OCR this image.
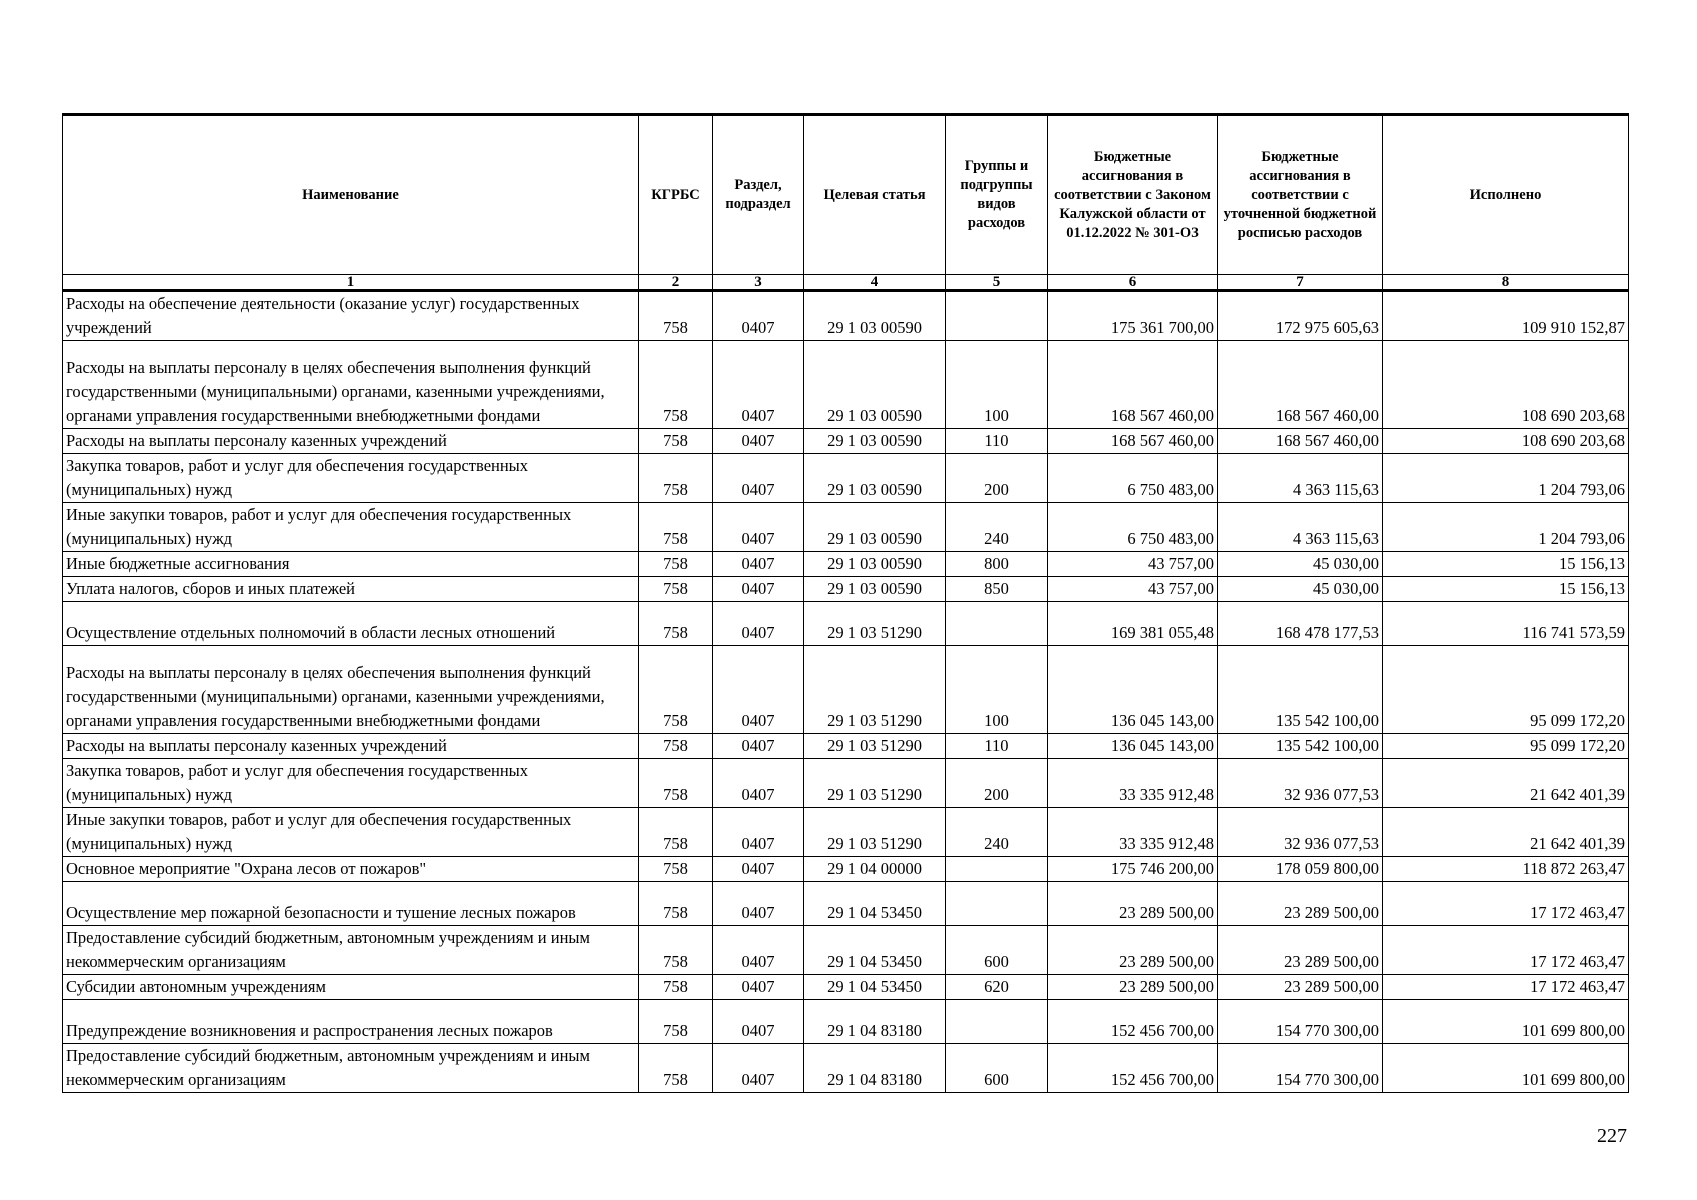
Наименование	КГРБС	Раздел, подраздел	Целевая статья	Группы и подгруппы видов расходов	Бюджетные ассигнования в соответствии с Законом Калужской области от 01.12.2022 № 301-ОЗ	Бюджетные ассигнования в соответствии с уточненной бюджетной росписью расходов	Исполнено
1	2	3	4	5	6	7	8
Расходы на обеспечение деятельности (оказание услуг) государственных учреждений	758	0407	29 1 03 00590		175 361 700,00	172 975 605,63	109 910 152,87
Расходы на выплаты персоналу в целях обеспечения выполнения функций государственными (муниципальными) органами, казенными учреждениями, органами управления государственными внебюджетными фондами	758	0407	29 1 03 00590	100	168 567 460,00	168 567 460,00	108 690 203,68
Расходы на выплаты персоналу казенных учреждений	758	0407	29 1 03 00590	110	168 567 460,00	168 567 460,00	108 690 203,68
Закупка товаров, работ и услуг для обеспечения государственных (муниципальных) нужд	758	0407	29 1 03 00590	200	6 750 483,00	4 363 115,63	1 204 793,06
Иные закупки товаров, работ и услуг для обеспечения государственных (муниципальных) нужд	758	0407	29 1 03 00590	240	6 750 483,00	4 363 115,63	1 204 793,06
Иные бюджетные ассигнования	758	0407	29 1 03 00590	800	43 757,00	45 030,00	15 156,13
Уплата налогов, сборов и иных платежей	758	0407	29 1 03 00590	850	43 757,00	45 030,00	15 156,13
Осуществление отдельных полномочий в области лесных отношений	758	0407	29 1 03 51290		169 381 055,48	168 478 177,53	116 741 573,59
Расходы на выплаты персоналу в целях обеспечения выполнения функций государственными (муниципальными) органами, казенными учреждениями, органами управления государственными внебюджетными фондами	758	0407	29 1 03 51290	100	136 045 143,00	135 542 100,00	95 099 172,20
Расходы на выплаты персоналу казенных учреждений	758	0407	29 1 03 51290	110	136 045 143,00	135 542 100,00	95 099 172,20
Закупка товаров, работ и услуг для обеспечения государственных (муниципальных) нужд	758	0407	29 1 03 51290	200	33 335 912,48	32 936 077,53	21 642 401,39
Иные закупки товаров, работ и услуг для обеспечения государственных (муниципальных) нужд	758	0407	29 1 03 51290	240	33 335 912,48	32 936 077,53	21 642 401,39
Основное мероприятие "Охрана лесов от пожаров"	758	0407	29 1 04 00000		175 746 200,00	178 059 800,00	118 872 263,47
Осуществление мер пожарной безопасности и тушение лесных пожаров	758	0407	29 1 04 53450		23 289 500,00	23 289 500,00	17 172 463,47
Предоставление субсидий бюджетным, автономным учреждениям и иным некоммерческим организациям	758	0407	29 1 04 53450	600	23 289 500,00	23 289 500,00	17 172 463,47
Субсидии автономным учреждениям	758	0407	29 1 04 53450	620	23 289 500,00	23 289 500,00	17 172 463,47
Предупреждение возникновения и распространения лесных пожаров	758	0407	29 1 04 83180		152 456 700,00	154 770 300,00	101 699 800,00
Предоставление субсидий бюджетным, автономным учреждениям и иным некоммерческим организациям	758	0407	29 1 04 83180	600	152 456 700,00	154 770 300,00	101 699 800,00
227
